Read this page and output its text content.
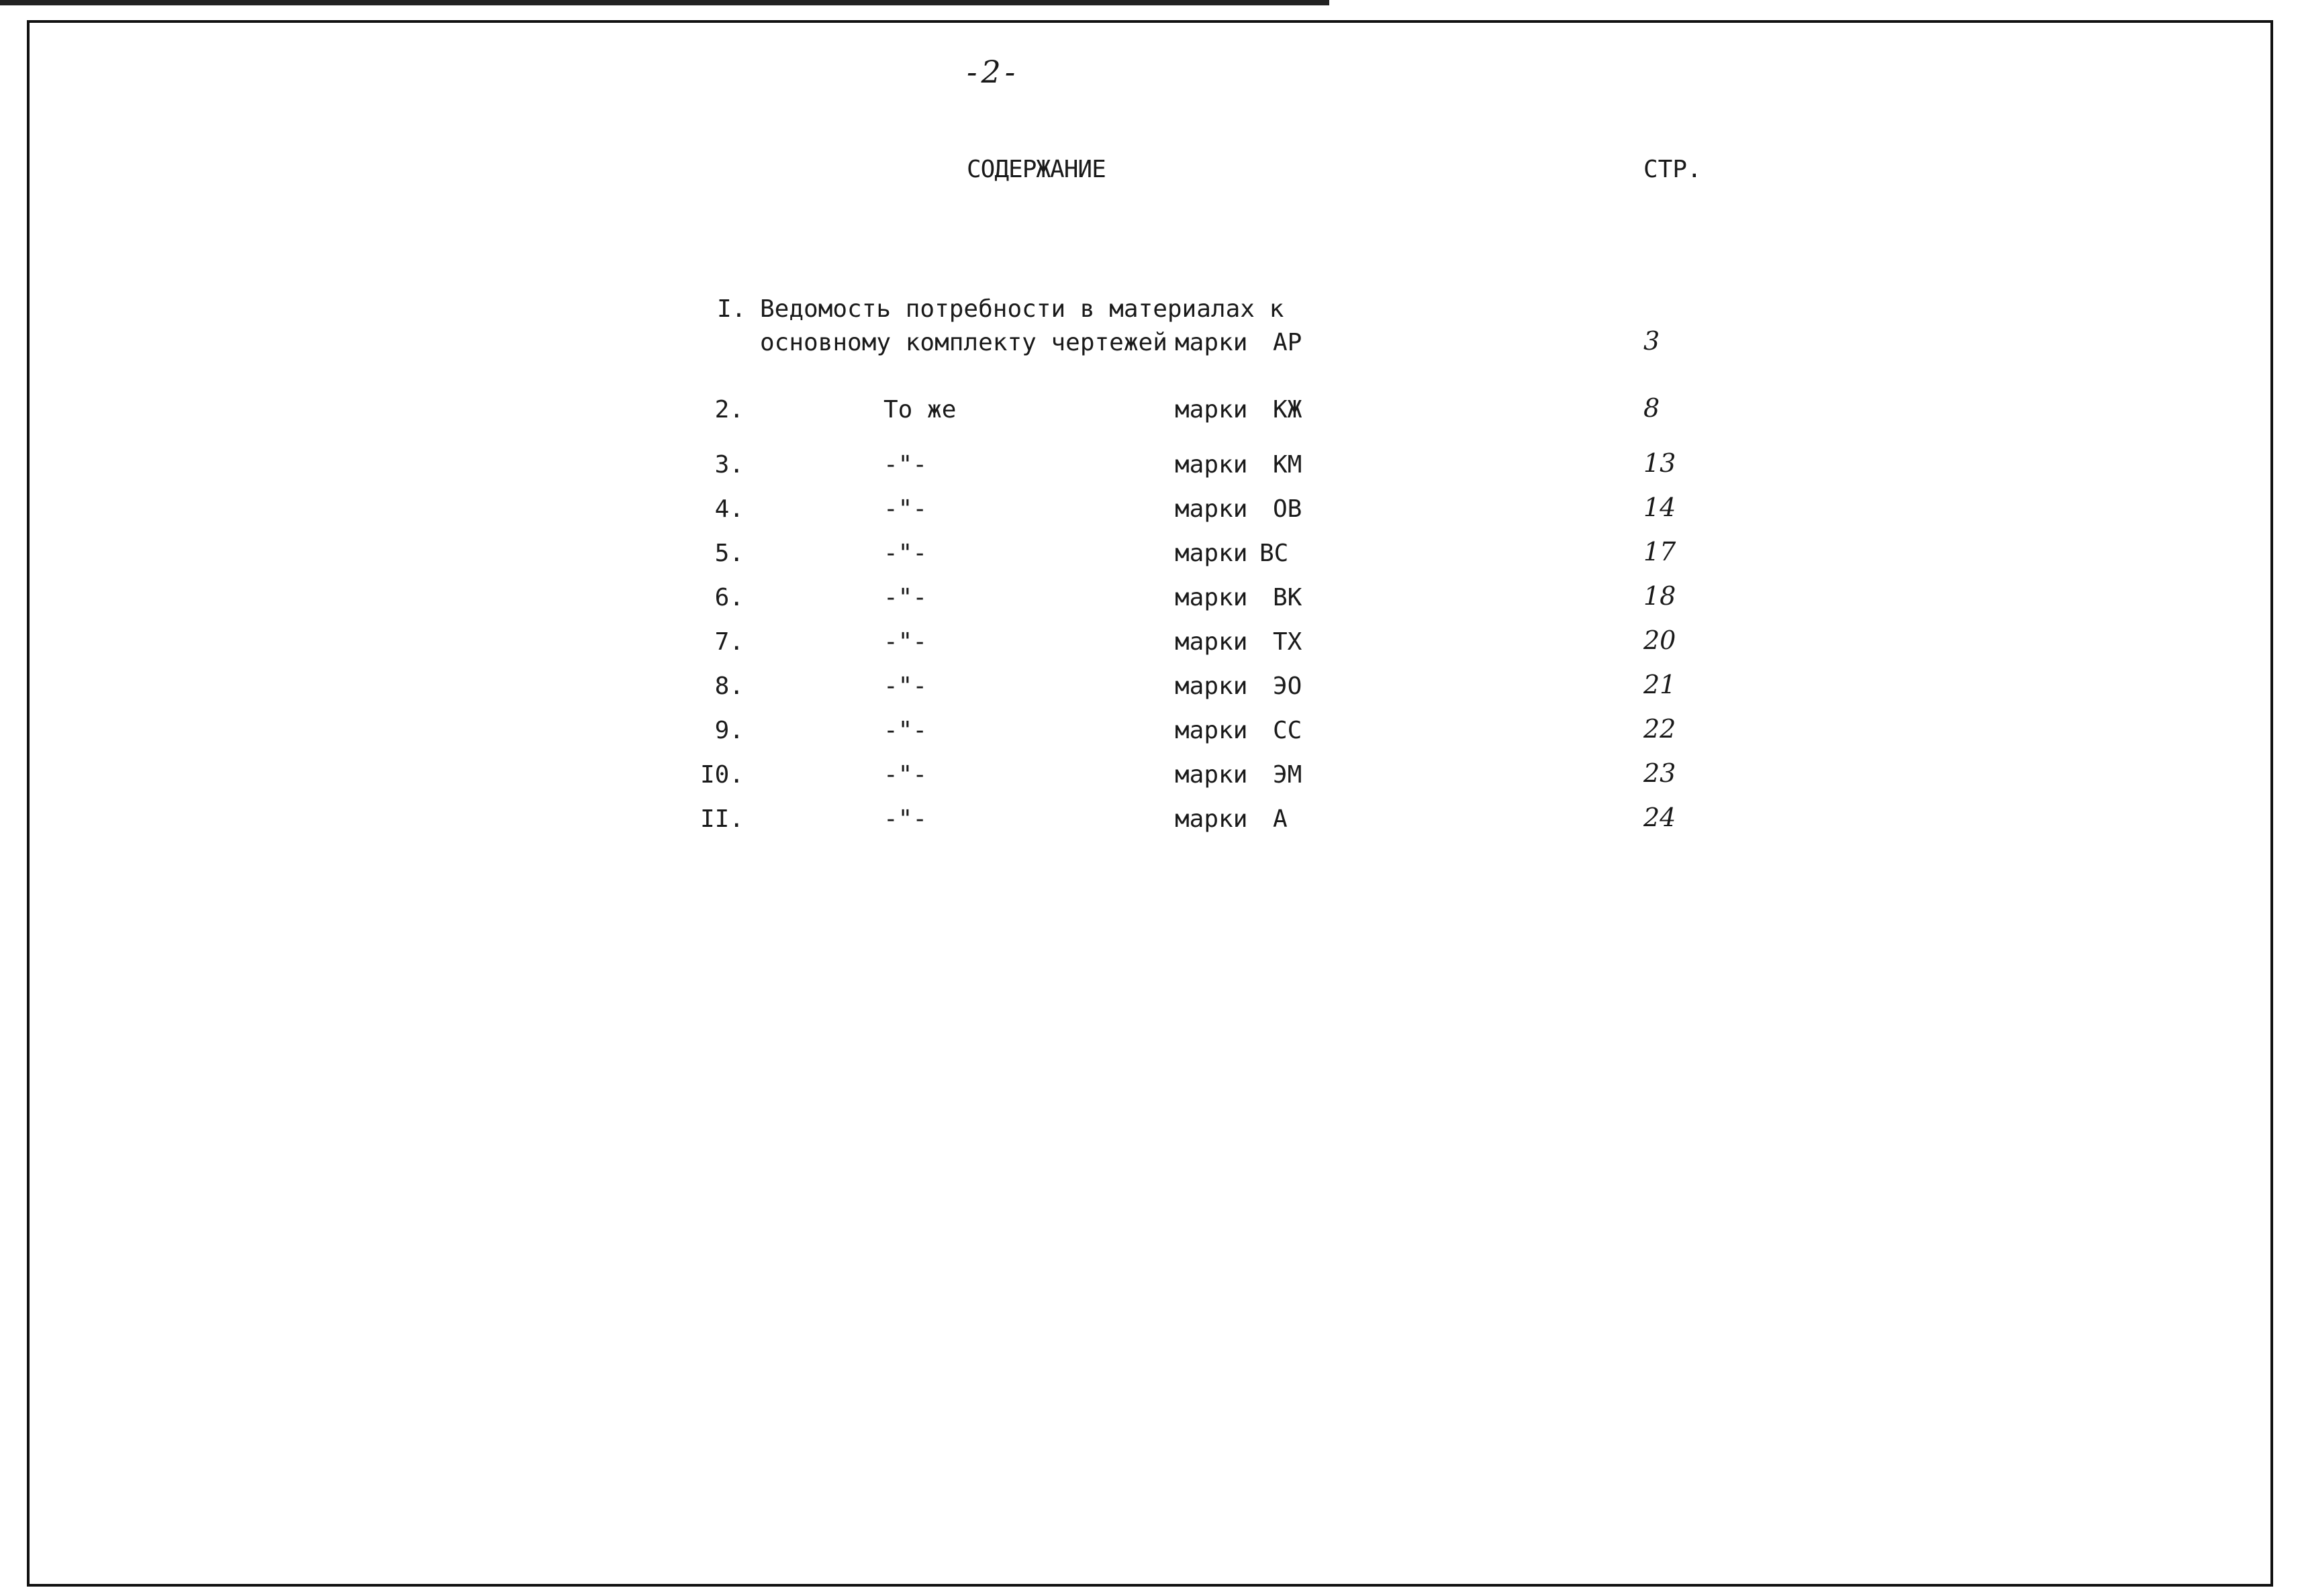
-2-
СОДЕРЖАНИЕ	СТР.
I. Ведомость потребности в материалах к
основному комплекту чертежей марки АР	3
2.	То же	марки КЖ	8
3.	-"-	марки КМ	13
4.	-"-	марки ОВ	14
5.	-"-	марки ВС	17
6.	-"-	марки ВК	18
7.	-"-	марки ТХ	20
8.	-"-	марки ЭО	21
9.	-"-	марки СС	22
I0.	-"-	марки ЭМ	23
II.	-"-	марки А	24
